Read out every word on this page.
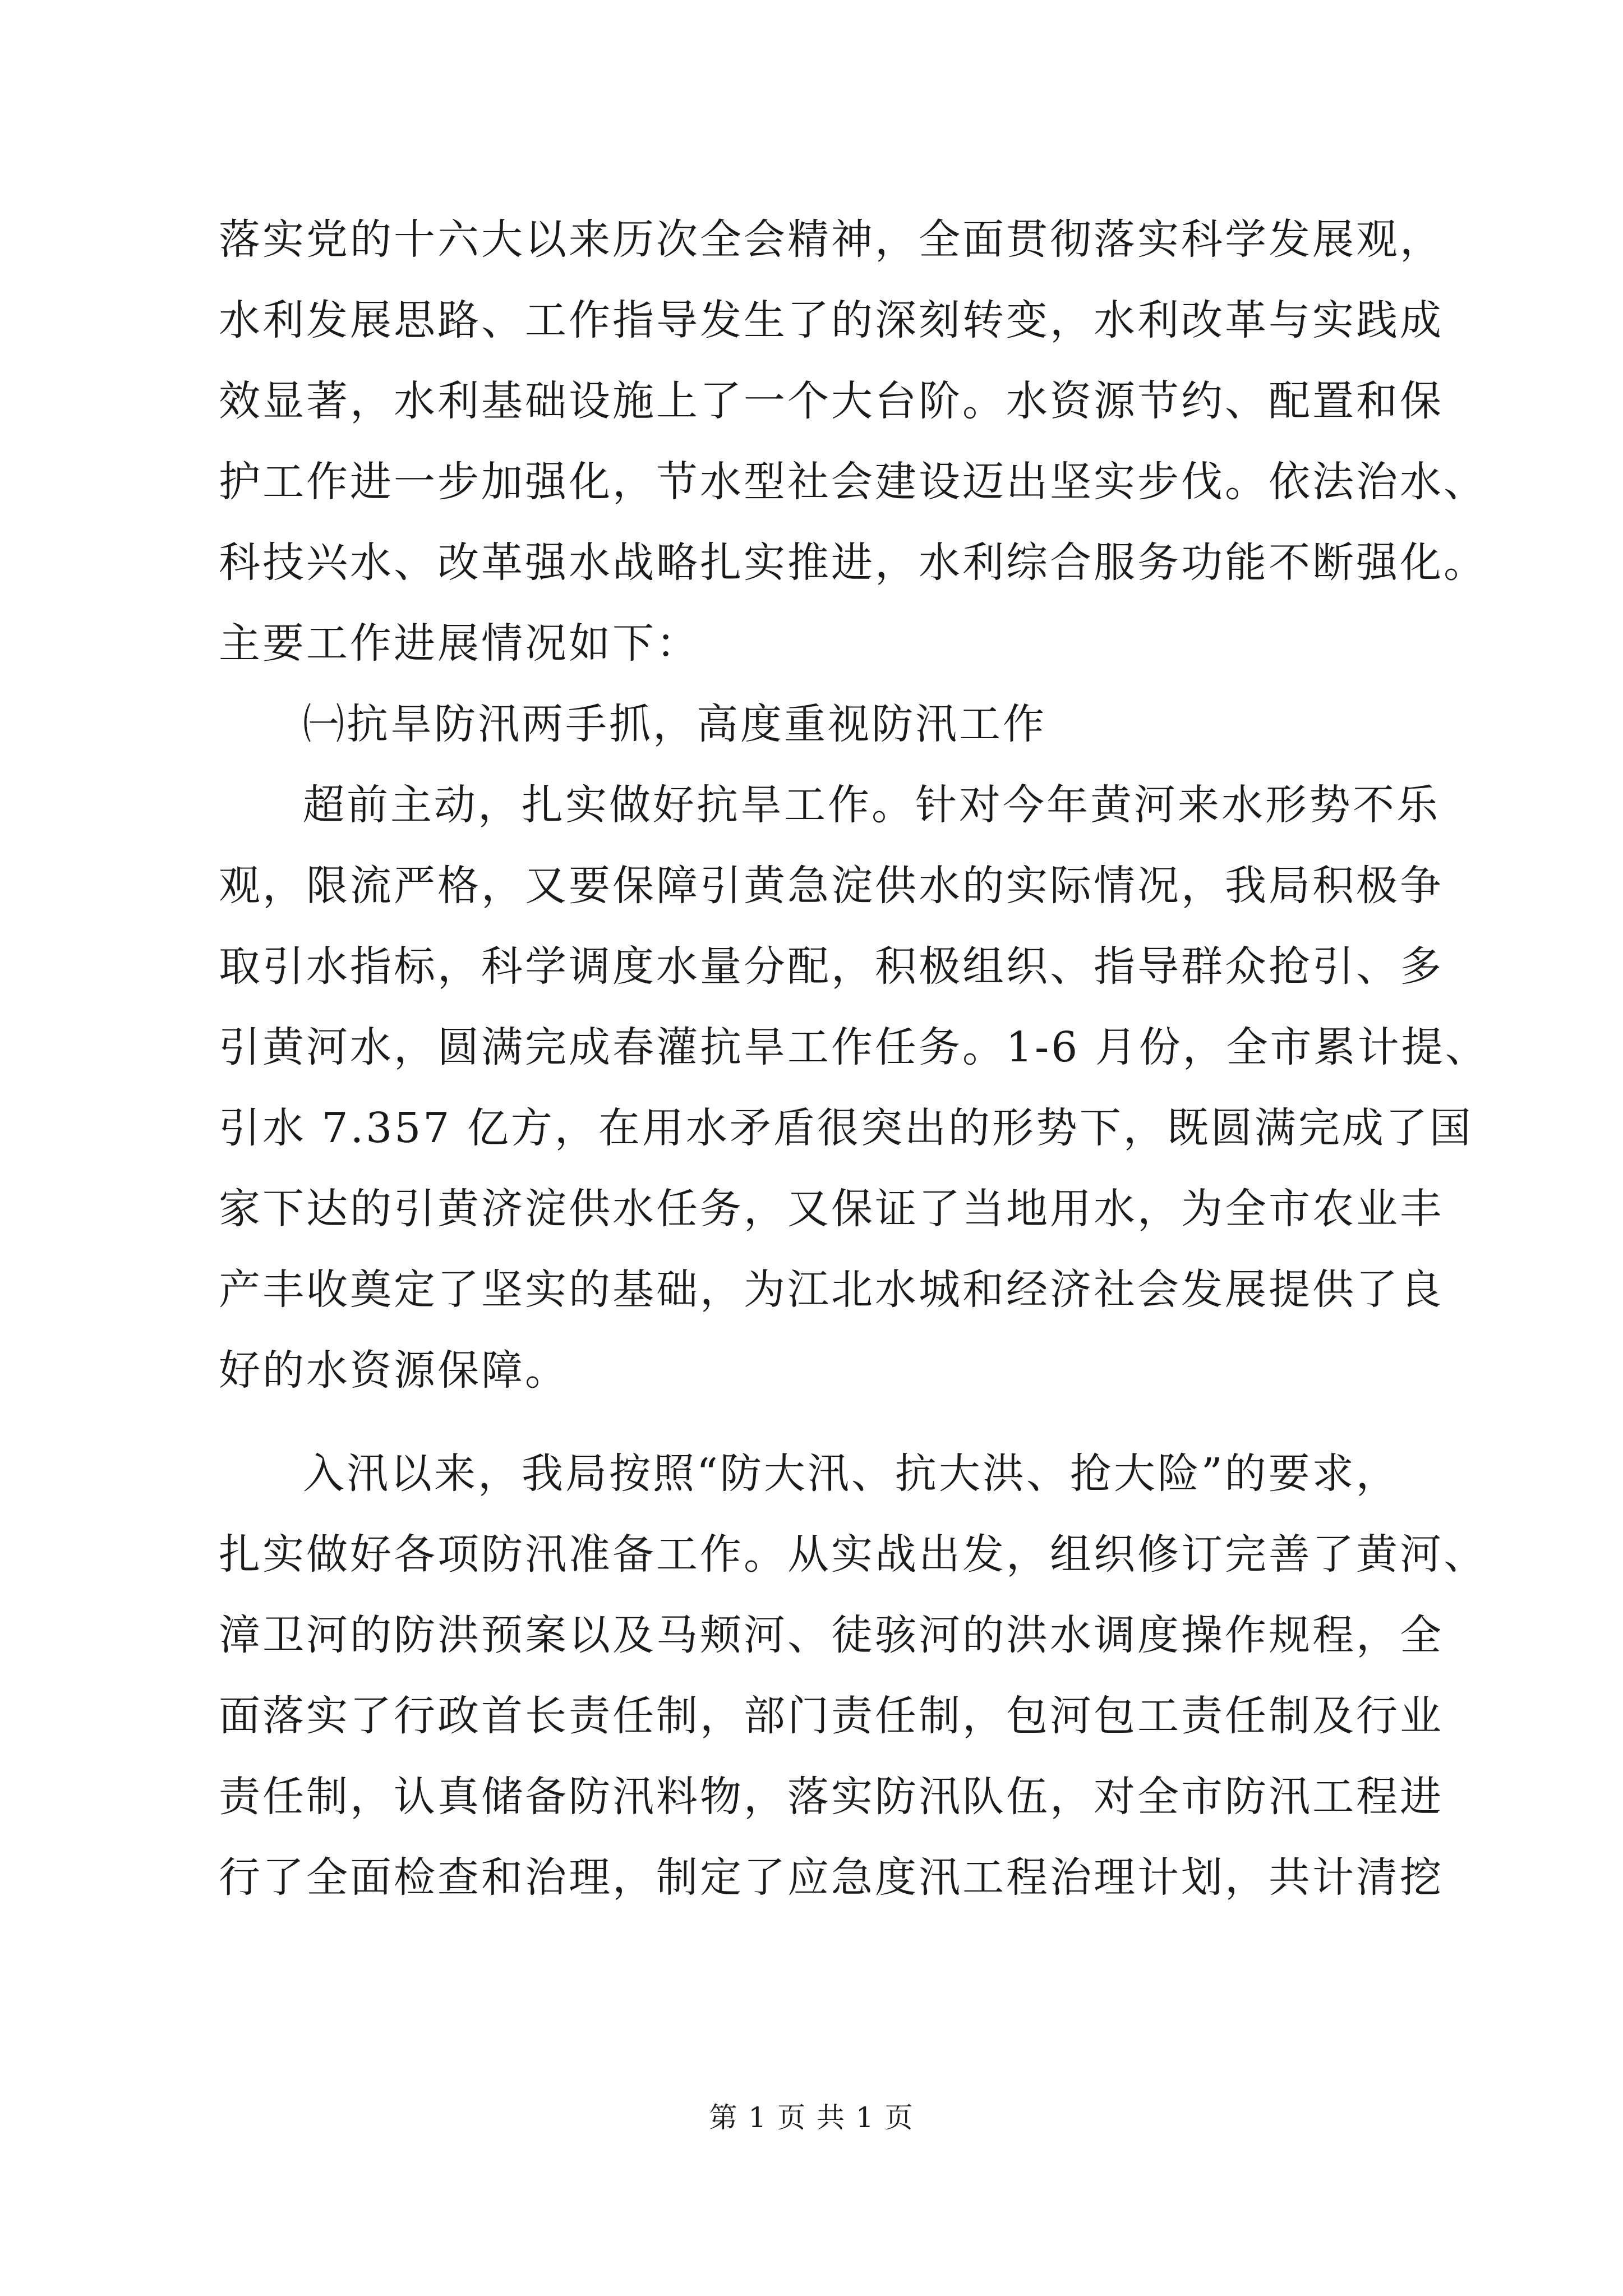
落实党的十六大以来历次全会精神，全面贯彻落实科学发展观，
水利发展思路、工作指导发生了的深刻转变，水利改革与实践成
效显著，水利基础设施上了一个大台阶。水资源节约、配置和保
护工作进一步加强化，节水型社会建设迈出坚实步伐。依法治水、
科技兴水、改革强水战略扎实推进，水利综合服务功能不断强化。
主要工作进展情况如下：
㈠抗旱防汛两手抓，高度重视防汛工作
超前主动，扎实做好抗旱工作。针对今年黄河来水形势不乐
观，限流严格，又要保障引黄急淀供水的实际情况，我局积极争
取引水指标，科学调度水量分配，积极组织、指导群众抢引、多
引黄河水，圆满完成春灌抗旱工作任务。1-6 月份，全市累计提、
引水 7.357 亿方，在用水矛盾很突出的形势下，既圆满完成了国
家下达的引黄济淀供水任务，又保证了当地用水，为全市农业丰
产丰收奠定了坚实的基础，为江北水城和经济社会发展提供了良
好的水资源保障。
入汛以来，我局按照“防大汛、抗大洪、抢大险”的要求，
扎实做好各项防汛准备工作。从实战出发，组织修订完善了黄河、
漳卫河的防洪预案以及马颊河、徒骇河的洪水调度操作规程，全
面落实了行政首长责任制，部门责任制，包河包工责任制及行业
责任制，认真储备防汛料物，落实防汛队伍，对全市防汛工程进
行了全面检查和治理，制定了应急度汛工程治理计划，共计清挖
第 1 页 共 1 页
